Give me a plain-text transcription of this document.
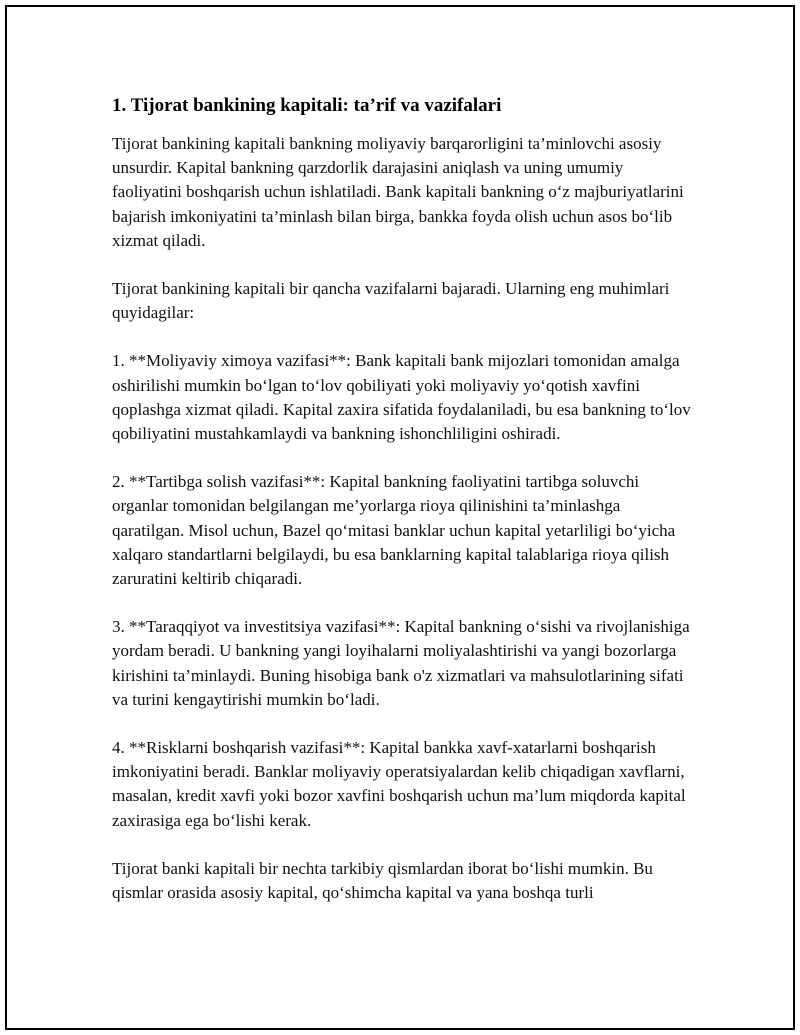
1. Tijorat bankining kapitali: ta’rif va vazifalari

Tijorat bankining kapitali bankning moliyaviy barqarorligini ta’minlovchi asosiy unsurdir. Kapital bankning qarzdorlik darajasini aniqlash va uning umumiy faoliyatini boshqarish uchun ishlatiladi. Bank kapitali bankning o‘z majburiyatlarini bajarish imkoniyatini ta’minlash bilan birga, bankka foyda olish uchun asos bo‘lib xizmat qiladi.

Tijorat bankining kapitali bir qancha vazifalarni bajaradi. Ularning eng muhimlari quyidagilar:

1. **Moliyaviy ximoya vazifasi**: Bank kapitali bank mijozlari tomonidan amalga oshirilishi mumkin bo‘lgan to‘lov qobiliyati yoki moliyaviy yo‘qotish xavfini qoplashga xizmat qiladi. Kapital zaxira sifatida foydalaniladi, bu esa bankning to‘lov qobiliyatini mustahkamlaydi va bankning ishonchliligini oshiradi.

2. **Tartibga solish vazifasi**: Kapital bankning faoliyatini tartibga soluvchi organlar tomonidan belgilangan me’yorlarga rioya qilinishini ta’minlashga qaratilgan. Misol uchun, Bazel qo‘mitasi banklar uchun kapital yetarliligi bo‘yicha xalqaro standartlarni belgilaydi, bu esa banklarning kapital talablariga rioya qilish zaruratini keltirib chiqaradi.

3. **Taraqqiyot va investitsiya vazifasi**: Kapital bankning o‘sishi va rivojlanishiga yordam beradi. U bankning yangi loyihalarni moliyalashtirishi va yangi bozorlarga kirishini ta’minlaydi. Buning hisobiga bank o'z xizmatlari va mahsulotlarining sifati va turini kengaytirishi mumkin bo‘ladi.

4. **Risklarni boshqarish vazifasi**: Kapital bankka xavf-xatarlarni boshqarish imkoniyatini beradi. Banklar moliyaviy operatsiyalardan kelib chiqadigan xavflarni, masalan, kredit xavfi yoki bozor xavfini boshqarish uchun ma’lum miqdorda kapital zaxirasiga ega bo‘lishi kerak.

Tijorat banki kapitali bir nechta tarkibiy qismlardan iborat bo‘lishi mumkin. Bu qismlar orasida asosiy kapital, qo‘shimcha kapital va yana boshqa turli
